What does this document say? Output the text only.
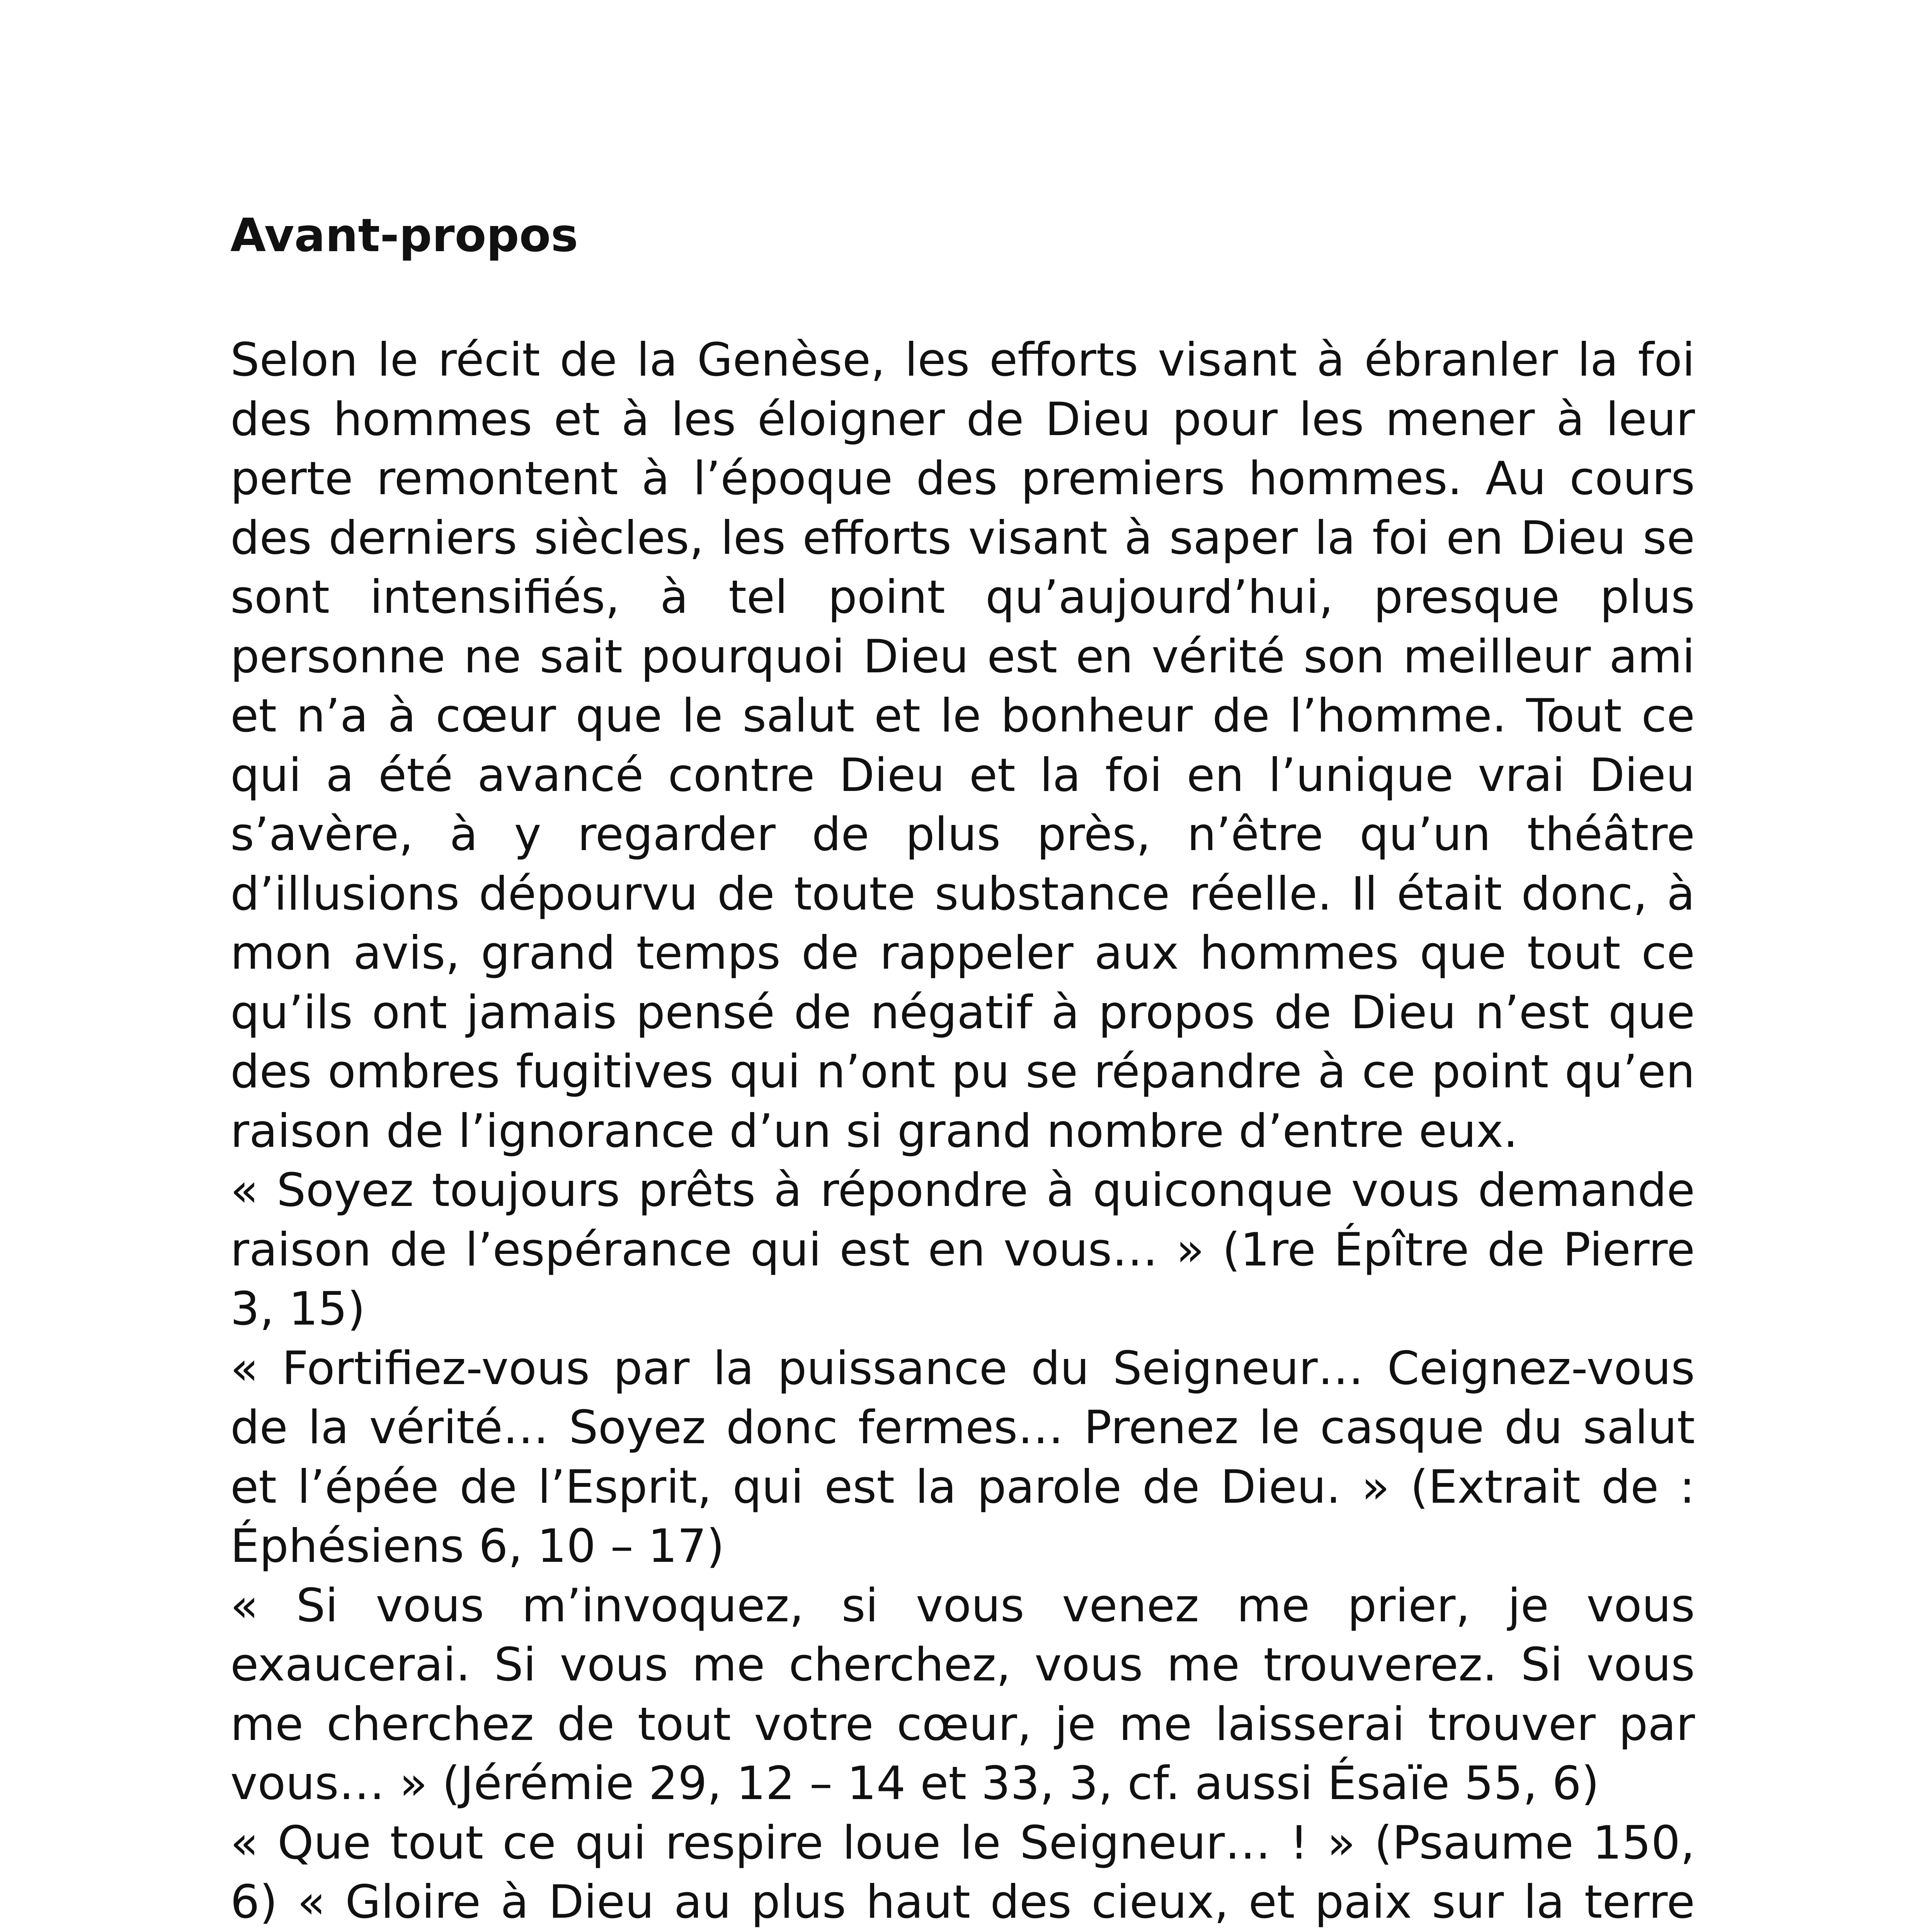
Avant-propos

Selon le récit de la Genèse, les efforts visant à ébranler la foi des hommes et à les éloigner de Dieu pour les mener à leur perte remontent à l’époque des premiers hommes. Au cours des derniers siècles, les efforts visant à saper la foi en Dieu se sont intensifiés, à tel point qu’aujourd’hui, presque plus personne ne sait pourquoi Dieu est en vérité son meilleur ami et n’a à cœur que le salut et le bonheur de l’homme. Tout ce qui a été avancé contre Dieu et la foi en l’unique vrai Dieu s’avère, à y regarder de plus près, n’être qu’un théâtre d’illusions dépourvu de toute substance réelle. Il était donc, à mon avis, grand temps de rappeler aux hommes que tout ce qu’ils ont jamais pensé de négatif à propos de Dieu n’est que des ombres fugitives qui n’ont pu se répandre à ce point qu’en raison de l’ignorance d’un si grand nombre d’entre eux.

« Soyez toujours prêts à répondre à quiconque vous demande raison de l’espérance qui est en vous… » (1re Épître de Pierre 3, 15)

« Fortifiez-vous par la puissance du Seigneur… Ceignez-vous de la vérité… Soyez donc fermes… Prenez le casque du salut et l’épée de l’Esprit, qui est la parole de Dieu. » (Extrait de : Éphésiens 6, 10 – 17)

« Si vous m’invoquez, si vous venez me prier, je vous exaucerai. Si vous me cherchez, vous me trouverez. Si vous me cherchez de tout votre cœur, je me laisserai trouver par vous… » (Jérémie 29, 12 – 14 et 33, 3, cf. aussi Ésaïe 55, 6)

« Que tout ce qui respire loue le Seigneur… ! » (Psaume 150, 6) « Gloire à Dieu au plus haut des cieux, et paix sur la terre
